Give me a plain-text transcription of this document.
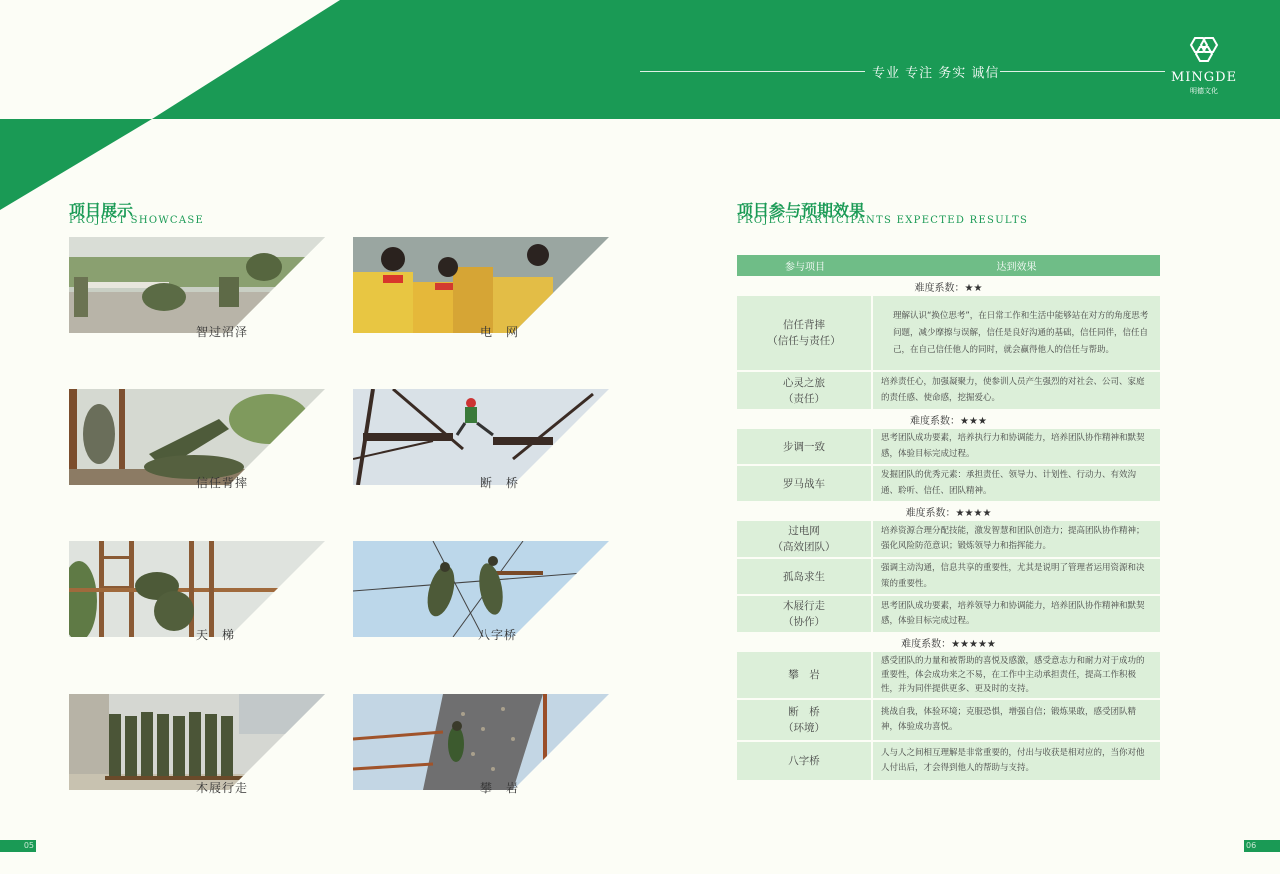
专业 专注 务实 诚信	MINGDE
明德文化
项目展示
PROJECT SHOWCASE
智过沼泽	电　网
信任背摔	断　桥
天　梯	八字桥
木屐行走	攀　岩
项目参与预期效果
PROJECT PARTICIPANTS EXPECTED RESULTS
参与项目	达到效果
难度系数：★★	
信任背摔
（信任与责任）	理解认识“换位思考”，在日常工作和生活中能够站在对方的角度思考问题，减少摩擦与误解，信任是良好沟通的基础，信任同伴，信任自己，在自己信任他人的同时，就会赢得他人的信任与帮助。
心灵之旅
（责任）	培养责任心，加强凝聚力，使参训人员产生强烈的对社会、公司、家庭的责任感、使命感，挖掘爱心。
难度系数：★★★	
步调一致	思考团队成功要素，培养执行力和协调能力，培养团队协作精神和默契感，体验目标完成过程。
罗马战车	发掘团队的优秀元素：承担责任、领导力、计划性、行动力、有效沟通、聆听、信任、团队精神。
难度系数：★★★★	
过电网
（高效团队）	培养资源合理分配技能，激发智慧和团队创造力；提高团队协作精神；强化风险防范意识；锻炼领导力和指挥能力。
孤岛求生	强调主动沟通，信息共享的重要性，尤其是说明了管理者运用资源和决策的重要性。
木屐行走
（协作）	思考团队成功要素，培养领导力和协调能力，培养团队协作精神和默契感，体验目标完成过程。
难度系数：★★★★★	
攀　岩	感受团队的力量和被帮助的喜悦及感激，感受意志力和耐力对于成功的重要性，体会成功来之不易，在工作中主动承担责任，提高工作积极性，并为同伴提供更多、更及时的支持。
断　桥
（环境）	挑战自我，体验环境；克服恐惧，增强自信；锻炼果敢，感受团队精神，体验成功喜悦。
八字桥	人与人之间相互理解是非常重要的，付出与收获是相对应的，当你对他人付出后，才会得到他人的帮助与支持。
05	06
